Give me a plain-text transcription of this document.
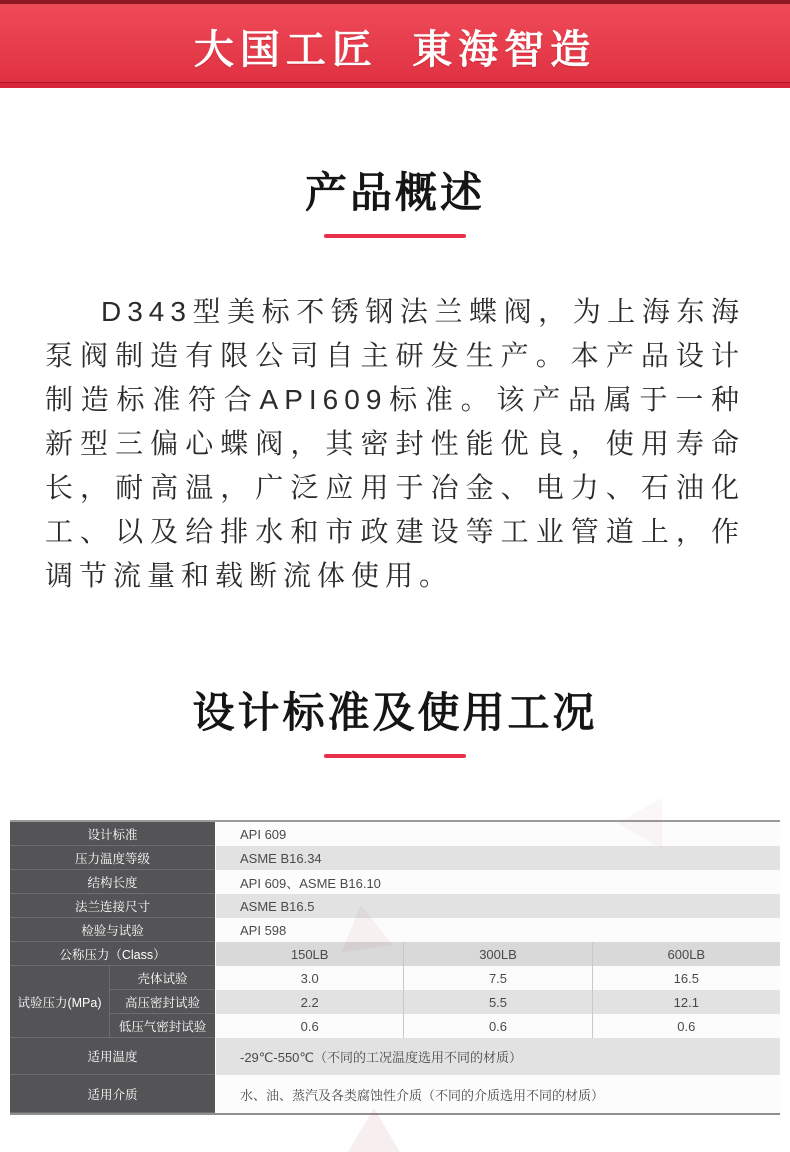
大国工匠  東海智造
产品概述

D343型美标不锈钢法兰蝶阀，为上海东海泵阀制造有限公司自主研发生产。本产品设计制造标准符合API609标准。该产品属于一种新型三偏心蝶阀，其密封性能优良，使用寿命长，耐高温，广泛应用于冶金、电力、石油化工、以及给排水和市政建设等工业管道上，作调节流量和载断流体使用。

设计标准及使用工况
设计标准	API 609
压力温度等级	ASME B16.34
结构长度	API 609、ASME B16.10
法兰连接尺寸	ASME B16.5
检验与试验	API 598
公称压力（Class）	150LB	300LB	600LB
试验压力(MPa)
壳体试验	3.0	7.5	16.5
高压密封试验	2.2	5.5	12.1
低压气密封试验	0.6	0.6	0.6
适用温度	-29℃-550℃（不同的工况温度选用不同的材质）
适用介质	水、油、蒸汽及各类腐蚀性介质（不同的介质选用不同的材质）
